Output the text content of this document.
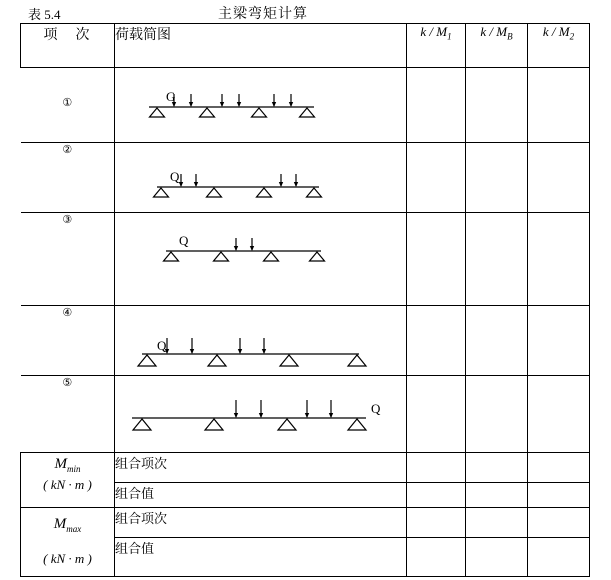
表 5.4	主梁弯矩计算
项　次	荷载简图	k / $M_1$	k / $M_B$	k / $M_2$
①	G			

②	Q			

③	Q			

④	Q			

⑤	Q			

$M_{min}$
( kN · m )	组合项次			
	组合值			

$M_{max}$
( kN · m )	组合项次			
	组合值			
